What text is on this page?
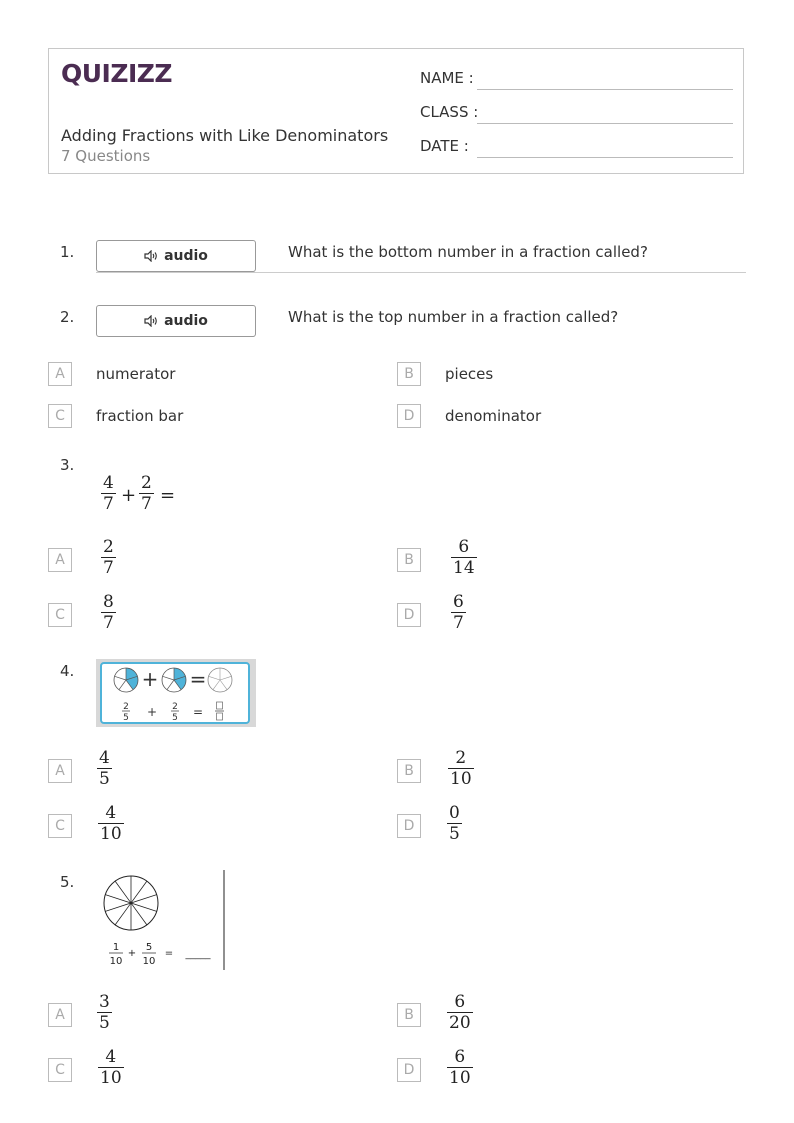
QUIZIZZ
Adding Fractions with Like Denominators
7 Questions
NAME :
CLASS :
DATE :
1.	audio	What is the bottom number in a fraction called?
2.	audio	What is the top number in a fraction called?
A	numerator	B	pieces
C	fraction bar	D	denominator
3.
$\frac{4}{7} + \frac{2}{7}$ =
A	$\frac{2}{7}$	B	$\frac{6}{14}$
C	$\frac{8}{7}$	D	$\frac{6}{7}$
4.	+ =
2
5 + 2
5 =
A	$\frac{4}{5}$	B	$\frac{2}{10}$
C	$\frac{4}{10}$	D	$\frac{0}{5}$
5.
1
10
+
5
10
= _____
A	$\frac{3}{5}$	B	$\frac{6}{20}$
C	$\frac{4}{10}$	D	$\frac{6}{10}$
